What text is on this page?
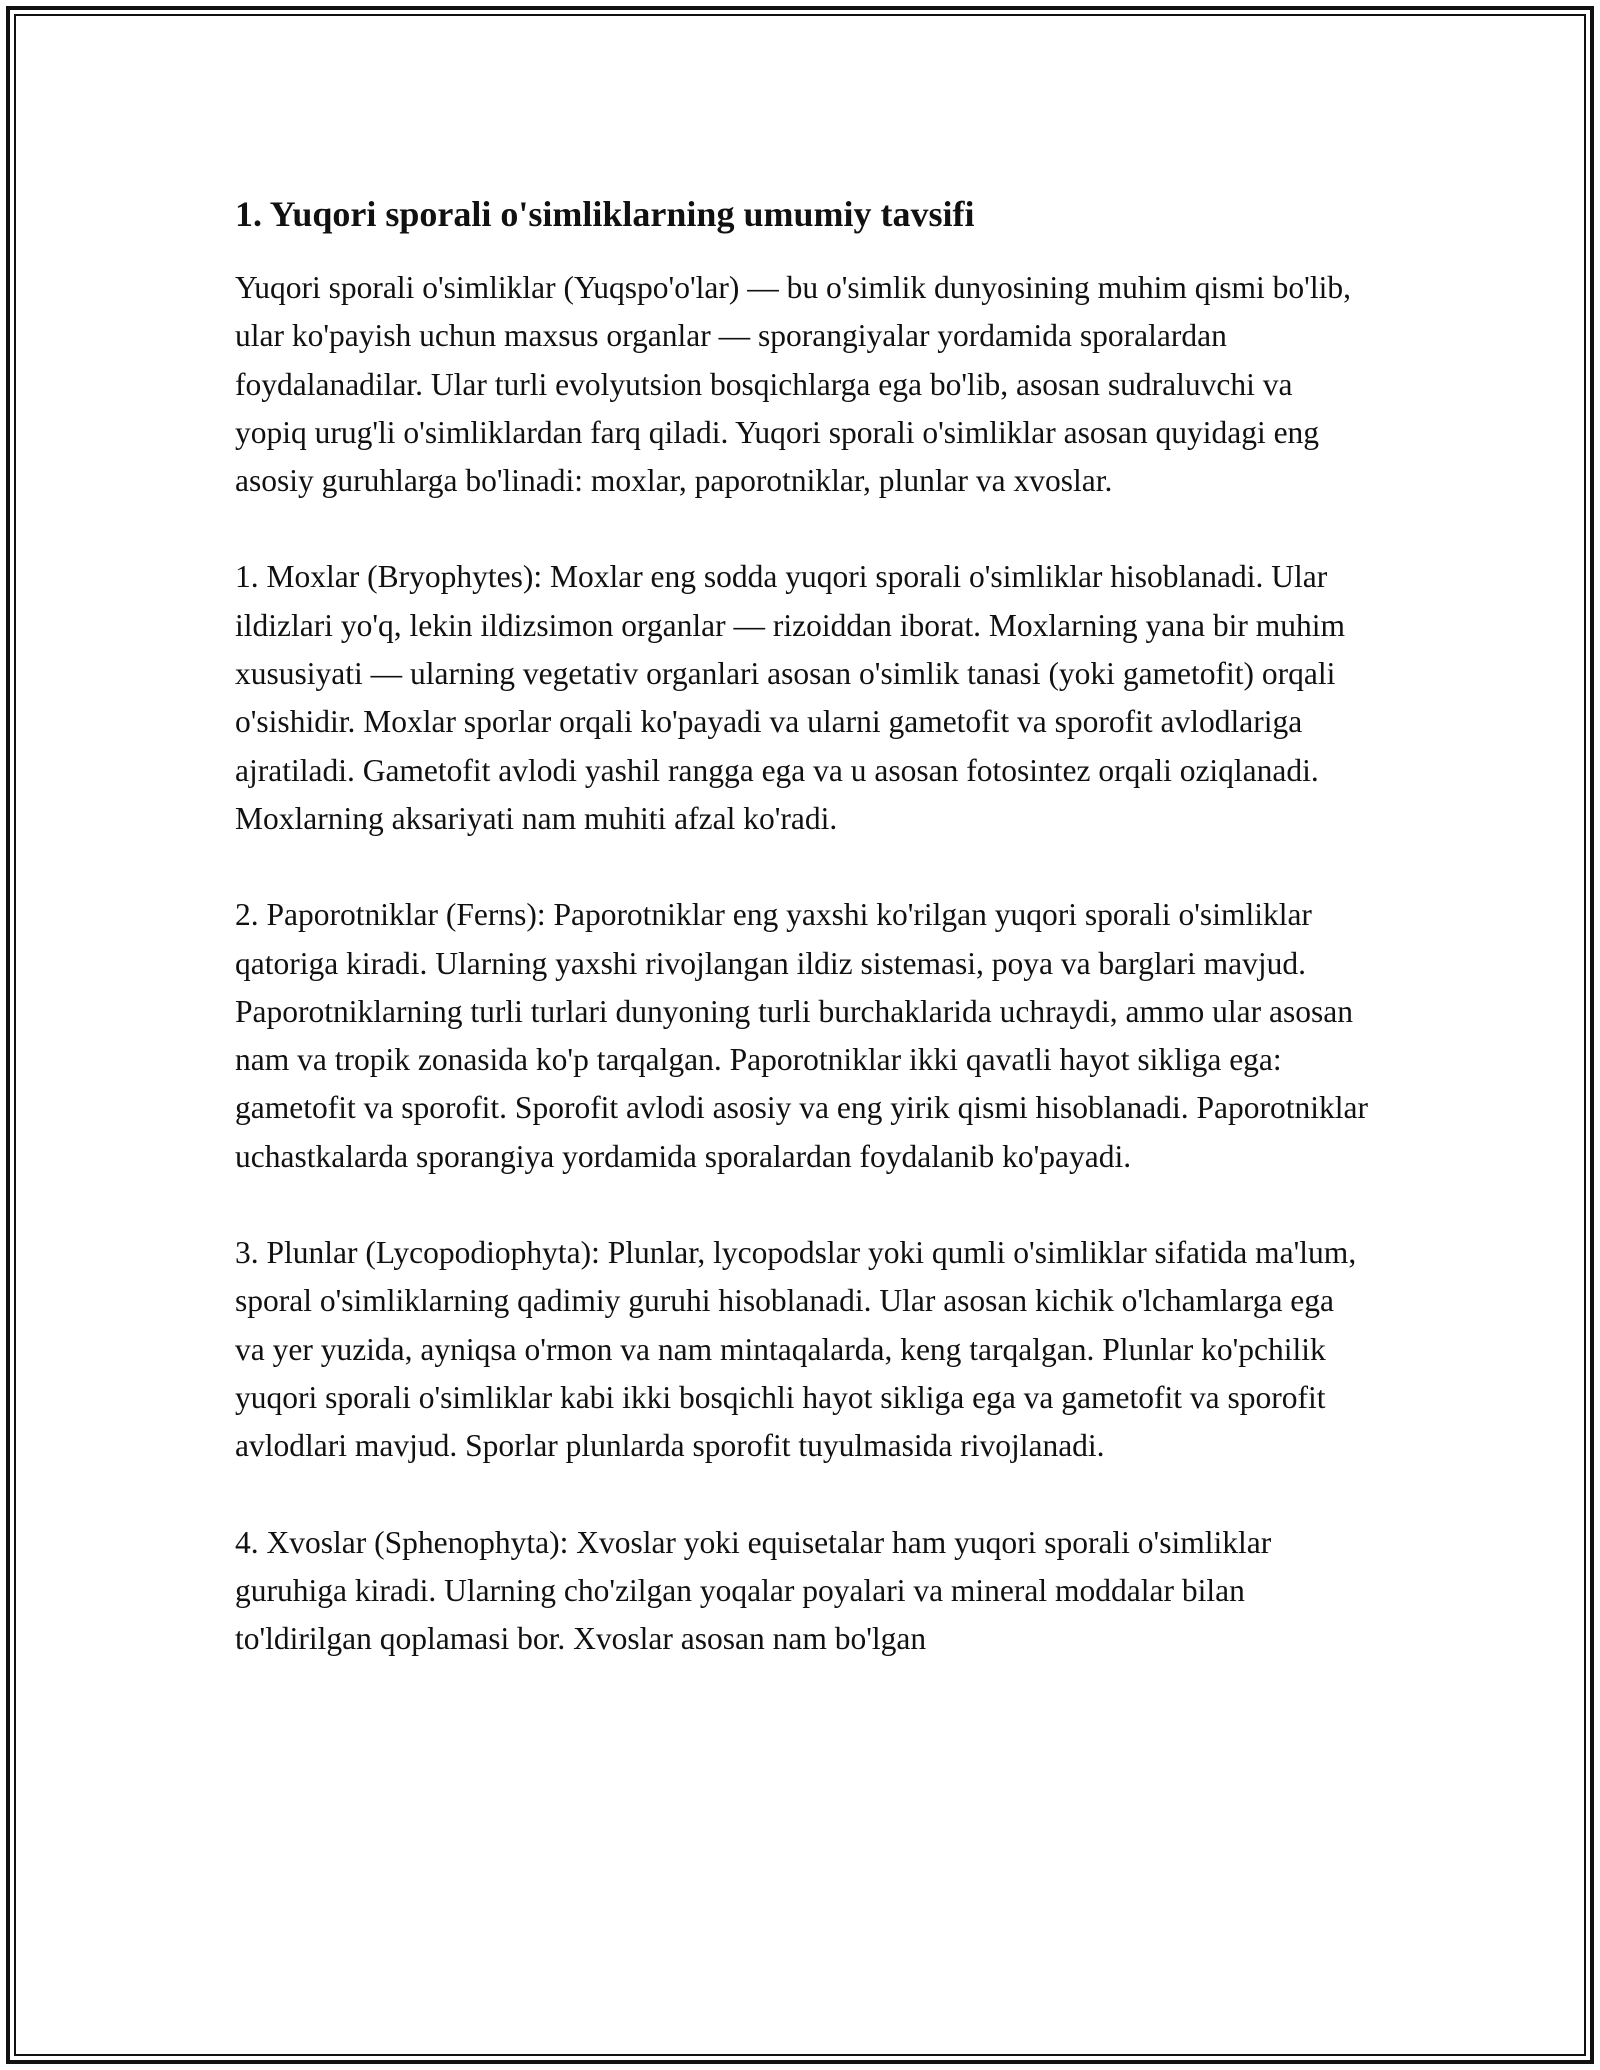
1. Yuqori sporali o'simliklarning umumiy tavsifi

Yuqori sporali o'simliklar (Yuqspo'o'lar) — bu o'simlik dunyosining muhim qismi bo'lib, ular ko'payish uchun maxsus organlar — sporangiyalar yordamida sporalardan foydalanadilar. Ular turli evolyutsion bosqichlarga ega bo'lib, asosan sudraluvchi va yopiq urug'li o'simliklardan farq qiladi. Yuqori sporali o'simliklar asosan quyidagi eng asosiy guruhlarga bo'linadi: moxlar, paporotniklar, plunlar va xvoslar.

1. Moxlar (Bryophytes): Moxlar eng sodda yuqori sporali o'simliklar hisoblanadi. Ular ildizlari yo'q, lekin ildizsimon organlar — rizoiddan iborat. Moxlarning yana bir muhim xususiyati — ularning vegetativ organlari asosan o'simlik tanasi (yoki gametofit) orqali o'sishidir. Moxlar sporlar orqali ko'payadi va ularni gametofit va sporofit avlodlariga ajratiladi. Gametofit avlodi yashil rangga ega va u asosan fotosintez orqali oziqlanadi. Moxlarning aksariyati nam muhiti afzal ko'radi.

2. Paporotniklar (Ferns): Paporotniklar eng yaxshi ko'rilgan yuqori sporali o'simliklar qatoriga kiradi. Ularning yaxshi rivojlangan ildiz sistemasi, poya va barglari mavjud. Paporotniklarning turli turlari dunyoning turli burchaklarida uchraydi, ammo ular asosan nam va tropik zonasida ko'p tarqalgan. Paporotniklar ikki qavatli hayot sikliga ega: gametofit va sporofit. Sporofit avlodi asosiy va eng yirik qismi hisoblanadi. Paporotniklar uchastkalarda sporangiya yordamida sporalardan foydalanib ko'payadi.

3. Plunlar (Lycopodiophyta): Plunlar, lycopodslar yoki qumli o'simliklar sifatida ma'lum, sporal o'simliklarning qadimiy guruhi hisoblanadi. Ular asosan kichik o'lchamlarga ega va yer yuzida, ayniqsa o'rmon va nam mintaqalarda, keng tarqalgan. Plunlar ko'pchilik yuqori sporali o'simliklar kabi ikki bosqichli hayot sikliga ega va gametofit va sporofit avlodlari mavjud. Sporlar plunlarda sporofit tuyulmasida rivojlanadi.

4. Xvoslar (Sphenophyta): Xvoslar yoki equisetalar ham yuqori sporali o'simliklar guruhiga kiradi. Ularning cho'zilgan yoqalar poyalari va mineral moddalar bilan to'ldirilgan qoplamasi bor. Xvoslar asosan nam bo'lgan
